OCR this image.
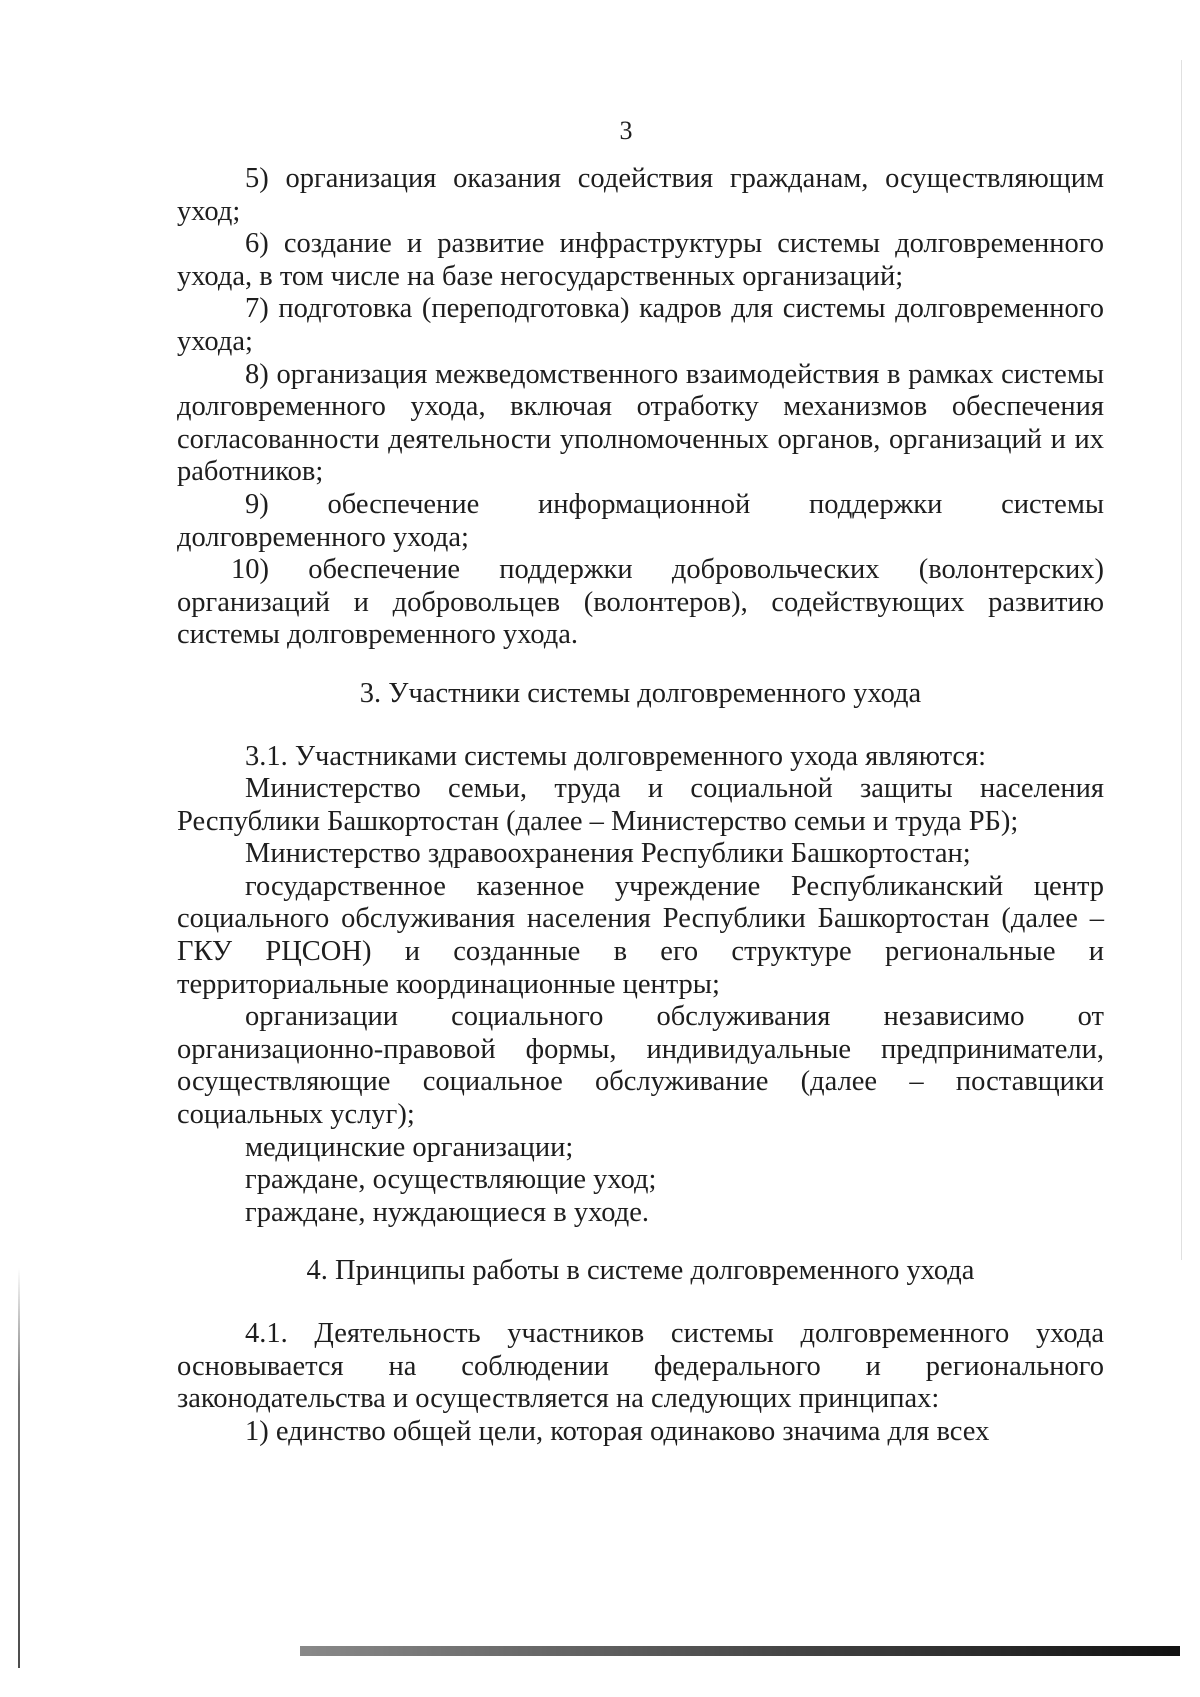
3

5) организация оказания содействия гражданам, осуществляющим уход;

6) создание и развитие инфраструктуры системы долговременного ухода, в том числе на базе негосударственных организаций;

7) подготовка (переподготовка) кадров для системы долговременного ухода;

8) организация межведомственного взаимодействия в рамках системы долговременного ухода, включая отработку механизмов обеспечения согласованности деятельности уполномоченных органов, организаций и их работников;

9) обеспечение информационной поддержки системы долговременного ухода;

10) обеспечение поддержки добровольческих (волонтерских) организаций и добровольцев (волонтеров), содействующих развитию системы долговременного ухода.

3. Участники системы долговременного ухода

3.1. Участниками системы долговременного ухода являются:

Министерство семьи, труда и социальной защиты населения Республики Башкортостан (далее – Министерство семьи и труда РБ);

Министерство здравоохранения Республики Башкортостан;

государственное казенное учреждение Республиканский центр социального обслуживания населения Республики Башкортостан (далее – ГКУ РЦСОН) и созданные в его структуре региональные и территориальные координационные центры;

организации социального обслуживания независимо от организационно-правовой формы, индивидуальные предприниматели, осуществляющие социальное обслуживание (далее – поставщики социальных услуг);

медицинские организации;

граждане, осуществляющие уход;

граждане, нуждающиеся в уходе.

4. Принципы работы в системе долговременного ухода

4.1. Деятельность участников системы долговременного ухода основывается на соблюдении федерального и регионального законодательства и осуществляется на следующих принципах:

1) единство общей цели, которая одинаково значима для всех
